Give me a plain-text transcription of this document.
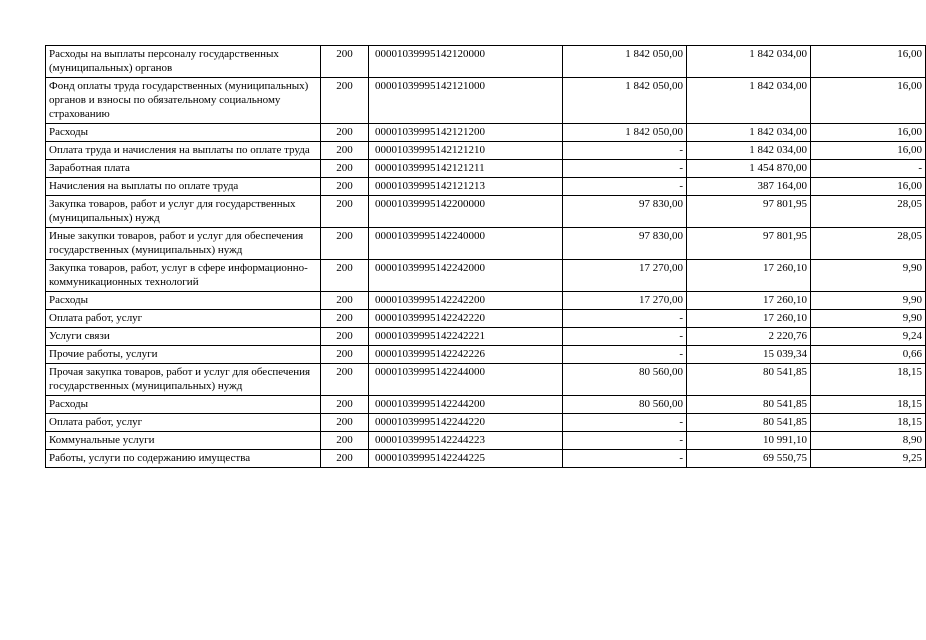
Расходы на выплаты персоналу государственных (муниципальных) органов	200	00001039995142120000	1 842 050,00	1 842 034,00	16,00
Фонд оплаты труда государственных (муниципальных) органов и взносы по обязательному социальному страхованию	200	00001039995142121000	1 842 050,00	1 842 034,00	16,00
Расходы	200	00001039995142121200	1 842 050,00	1 842 034,00	16,00
Оплата труда и начисления на выплаты по оплате труда	200	00001039995142121210	-	1 842 034,00	16,00
Заработная плата	200	00001039995142121211	-	1 454 870,00	-
Начисления на выплаты по оплате труда	200	00001039995142121213	-	387 164,00	16,00
Закупка товаров, работ и услуг для государственных (муниципальных) нужд	200	00001039995142200000	97 830,00	97 801,95	28,05
Иные закупки товаров, работ и услуг для обеспечения государственных (муниципальных) нужд	200	00001039995142240000	97 830,00	97 801,95	28,05
Закупка товаров, работ, услуг в сфере информационно-коммуникационных технологий	200	00001039995142242000	17 270,00	17 260,10	9,90
Расходы	200	00001039995142242200	17 270,00	17 260,10	9,90
Оплата работ, услуг	200	00001039995142242220	-	17 260,10	9,90
Услуги связи	200	00001039995142242221	-	2 220,76	9,24
Прочие работы, услуги	200	00001039995142242226	-	15 039,34	0,66
Прочая закупка товаров, работ и услуг для обеспечения государственных (муниципальных) нужд	200	00001039995142244000	80 560,00	80 541,85	18,15
Расходы	200	00001039995142244200	80 560,00	80 541,85	18,15
Оплата работ, услуг	200	00001039995142244220	-	80 541,85	18,15
Коммунальные услуги	200	00001039995142244223	-	10 991,10	8,90
Работы, услуги по содержанию имущества	200	00001039995142244225	-	69 550,75	9,25
